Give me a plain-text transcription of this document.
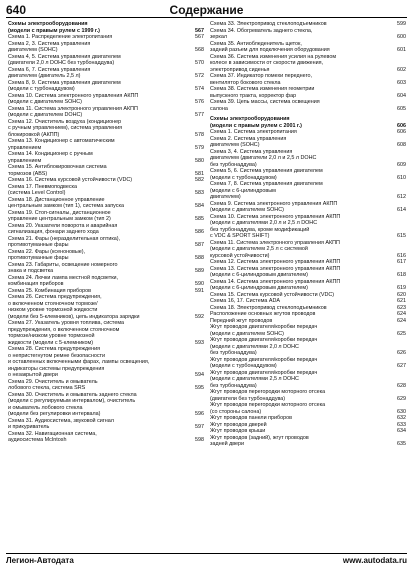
640	Содержание
Схемы электрооборудования
(модели с правым рулем с 1999 г.)	567
Схема 1. Распределение электропитания	567
Схема 2, 3. Система управления
двигателем (SOHC)	568
Схема 4, 5. Система управления двигателем
(двигатели 2,0 л DOHC без турбонаддува)	570
Схема 6, 7. Система управления
двигателем (двигатель 2,5 л)	572
Схема 8, 9. Система управления двигателем
(модели с турбонаддувом)	574
Схема 10. Система электронного управления АКПП
(модели с двигателем SOHC)	576
Схема 11. Система электронного управления АКПП
(модели с двигателем DOHC)	577
Схема 12. Очиститель воздуха (кондиционер
с ручным управлением), система управления
блокировкой (АКПП)	578
Схема 13. Кондиционер с автоматическим
управлением	579
Схема 14. Кондиционер с ручным
управлением	580
Схема 15. Антиблокировочная система
тормозов (ABS)	581
Схема 16. Система курсовой устойчивости (VDC)	582
Схема 17. Пневмоподвеска
(система Level Control)	583
Схема 18. Дистанционное управление
центральным замком (тип 1), система запуска	584
Схема 19. Стоп-сигналы, дистанционное
управление центральным замком (тип 2)	585
Схема 20. Указатели поворота и аварийная
сигнализация, фонари заднего хода	586
Схема 21. Фары (неразделительная оптика),
противотуманные фары	587
Схема 22. Фары (ксеноновые),
противотуманные фары	588
Схема 23. Габариты, освещение номерного
знака и подсветка	589
Схема 24. Лючки лампа местной подсветки,
комбинация приборов	590
Схема 25. Комбинация приборов	591
Схема 26. Система предупреждения,
о включенном стояночном тормозе/
низком уровне тормозной жидкости
(модели без 5-клемников), цепь индикатора зарядки	592
Схема 27. Указатель уровня топлива, система
предупреждения, о включенном стояночном
тормозе/низком уровне тормозной
жидкости (модели с 5-клемником)	593
Схема 28. Система предупреждения
о непристегнутом ремне безопасности
и оставленных включенными фарах, лампы освещения,
индикаторы системы предупреждения
о незакрытой двери	594
Схема 29. Очиститель и омыватель
лобового стекла, система SRS	595
Схема 30. Очиститель и омыватель заднего стекла
(модели с регулируемым интервалом), очиститель
и омыватель лобового стекла
(модели без регулировки интервала)	596
Схема 31. Аудиосистема, звуковой сигнал
и прикуриватель	597
Схема 32. Навигационная система,
аудиосистема McIntosh	598
Схема 33. Электропривод стеклоподъемников	599
Схема 34. Обогреватель заднего стекла,
зеркал	600
Схема 35. Антиобледенитель щеток,
задний разъем для подключения оборудования	601
Схема 36. Система изменения усилия на рулевом
колесе в зависимости от скорости движения,
электропривод сиденья	602
Схема 37. Индикатор помехи переднего,
вентилятор бокового стекла	603
Схема 38. Система изменения геометрии
выпускного тракта, корректор фар	604
Схема 39. Цепь массы, система освещения
салона	605
Схемы электрооборудования
(модели с правым рулем с 2001 г.)	606
Схема 1. Система электропитания	606
Схема 2. Система управления
двигателем (SOHC)	608
Схема 3, 4. Система управления
двигателем (двигатели 2,0 л и 2,5 л DOHC
без турбонаддува)	609
Схема 5, 6. Система управления двигателем
(модели с турбонаддувом)	610
Схема 7, 8. Система управления двигателем
(модели с 6-цилиндровым
двигателем)	612
Схема 9. Система электронного управления АКПП
(модели с двигателем SOHC)	614
Схема 10. Система электронного управления АКПП
(модели с двигателями 2,0 л и 2,5 л DOHC
без турбонаддува, кроме модификаций
с VDC & SPORT SHIFT)	615
Схема 11. Система электронного управления АКПП
(модели с двигателем 2,5 л с системой
курсовой устойчивости)	616
Схема 12. Система электронного управления АКПП	617
Схема 13. Система электронного управления АКПП
(модели с 6-цилиндровым двигателем)	618
Схема 14. Система электронного управления АКПП
(модели с 6-цилиндровым двигателем)	619
Схема 15. Система курсовой устойчивости (VDC)	620
Схема 16, 17. Система ADA	621
Схема 18. Электропривод стеклоподъемников	623
Расположение основных жгутов проводов	624
Передний жгут проводов	624
Жгут проводов двигателя/коробки передач
(модели с двигателем SOHC)	625
Жгут проводов двигателя/коробки передач
(модели с двигателями 2,0 л DOHC
без турбонаддува)	626
Жгут проводов двигателя/коробки передач
(модели с турбонаддувом)	627
Жгут проводов двигателя/коробки передач
(модели с двигателями 2,5 л DOHC
без турбонаддува)	628
Жгут проводов перегородки моторного отсека
(двигатели без турбонаддува)	629
Жгут проводов перегородки моторного отсека
(со стороны салона)	630
Жгут проводов панели приборов	632
Жгут проводов дверей	633
Жгут проводов крыши	634
Жгут проводов (задний), жгут проводов
задней двери	635
Легион-Автодата	www.autodata.ru
